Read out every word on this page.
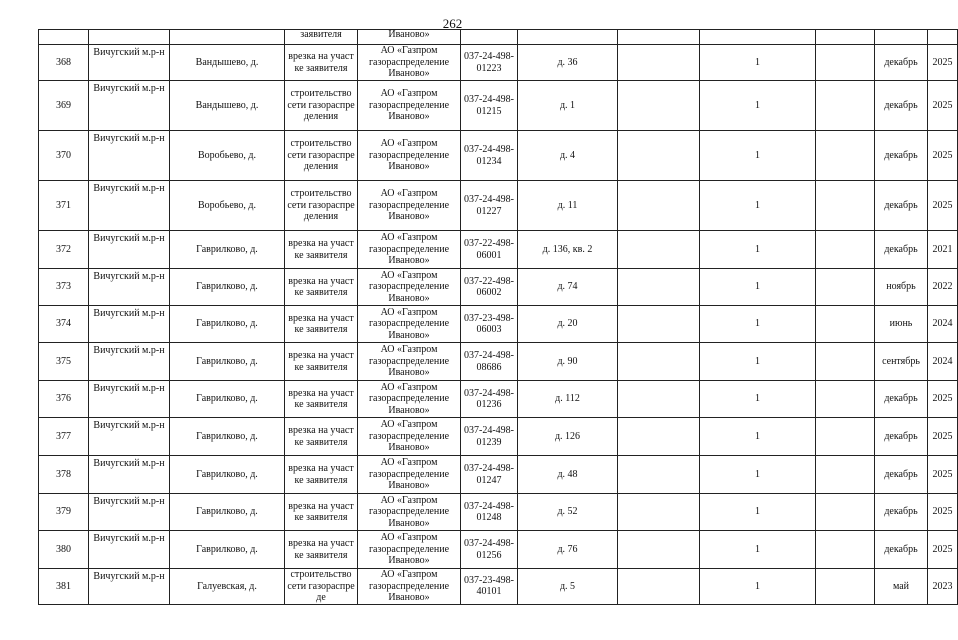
262
			заявителя	Иваново»							
368	Вичугский м.р-н	Вандышево, д.	врезка на участке заявителя	АО «Газпром газораспределение Иваново»	037-24-498-01223	д. 36		1		декабрь	2025
369	Вичугский м.р-н	Вандышево, д.	строительство сети газораспределения	АО «Газпром газораспределение Иваново»	037-24-498-01215	д. 1		1		декабрь	2025
370	Вичугский м.р-н	Воробьево, д.	строительство сети газораспределения	АО «Газпром газораспределение Иваново»	037-24-498-01234	д. 4		1		декабрь	2025
371	Вичугский м.р-н	Воробьево, д.	строительство сети газораспределения	АО «Газпром газораспределение Иваново»	037-24-498-01227	д. 11		1		декабрь	2025
372	Вичугский м.р-н	Гаврилково, д.	врезка на участке заявителя	АО «Газпром газораспределение Иваново»	037-22-498-06001	д. 136, кв. 2		1		декабрь	2021
373	Вичугский м.р-н	Гаврилково, д.	врезка на участке заявителя	АО «Газпром газораспределение Иваново»	037-22-498-06002	д. 74		1		ноябрь	2022
374	Вичугский м.р-н	Гаврилково, д.	врезка на участке заявителя	АО «Газпром газораспределение Иваново»	037-23-498-06003	д. 20		1		июнь	2024
375	Вичугский м.р-н	Гаврилково, д.	врезка на участке заявителя	АО «Газпром газораспределение Иваново»	037-24-498-08686	д. 90		1		сентябрь	2024
376	Вичугский м.р-н	Гаврилково, д.	врезка на участке заявителя	АО «Газпром газораспределение Иваново»	037-24-498-01236	д. 112		1		декабрь	2025
377	Вичугский м.р-н	Гаврилково, д.	врезка на участке заявителя	АО «Газпром газораспределение Иваново»	037-24-498-01239	д. 126		1		декабрь	2025
378	Вичугский м.р-н	Гаврилково, д.	врезка на участке заявителя	АО «Газпром газораспределение Иваново»	037-24-498-01247	д. 48		1		декабрь	2025
379	Вичугский м.р-н	Гаврилково, д.	врезка на участке заявителя	АО «Газпром газораспределение Иваново»	037-24-498-01248	д. 52		1		декабрь	2025
380	Вичугский м.р-н	Гаврилково, д.	врезка на участке заявителя	АО «Газпром газораспределение Иваново»	037-24-498-01256	д. 76		1		декабрь	2025
381	Вичугский м.р-н	Галуевская, д.	строительство сети газораспреде	АО «Газпром газораспределение Иваново»	037-23-498-40101	д. 5		1		май	2023
